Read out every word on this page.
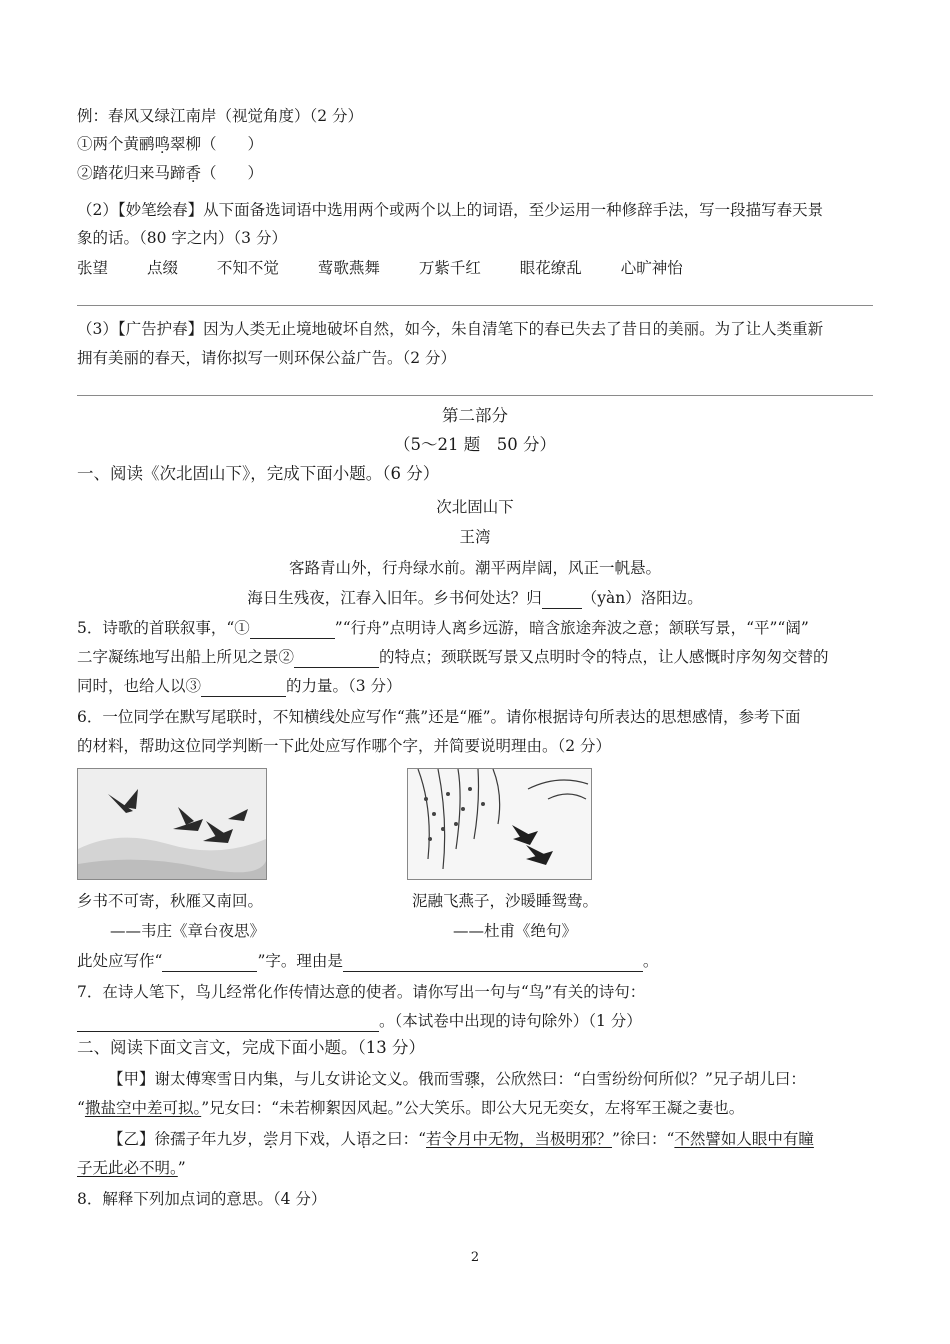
例：春风又绿江南岸（视觉角度）（2 分）
①两个黄鹂鸣翠柳（　　）
②踏花归来马蹄香（　　）
（2）【妙笔绘春】从下面备选词语中选用两个或两个以上的词语，至少运用一种修辞手法，写一段描写春天景
象的话。（80 字之内）（3 分）
张望	点缀	不知不觉	莺歌燕舞	万紫千红	眼花缭乱	心旷神怡
（3）【广告护春】因为人类无止境地破坏自然，如今，朱自清笔下的春已失去了昔日的美丽。为了让人类重新
拥有美丽的春天，请你拟写一则环保公益广告。（2 分）
第二部分
（5～21 题　50 分）
一、阅读《次北固山下》，完成下面小题。（6 分）
次北固山下
王湾
客路青山外，行舟绿水前。潮平两岸阔，风正一帆悬。
海日生残夜，江春入旧年。乡书何处达？归	（yàn）洛阳边。
5．诗歌的首联叙事，“①	”“行舟”点明诗人离乡远游，暗含旅途奔波之意；颔联写景，“平”“阔”
二字凝练地写出船上所见之景②	的特点；颈联既写景又点明时令的特点，让人感慨时序匆匆交替的
同时，也给人以③	的力量。（3 分）
6．一位同学在默写尾联时，不知横线处应写作“燕”还是“雁”。请你根据诗句所表达的思想感情，参考下面
的材料，帮助这位同学判断一下此处应写作哪个字，并简要说明理由。（2 分）
乡书不可寄，秋雁又南回。	泥融飞燕子，沙暖睡鸳鸯。
——韦庄《章台夜思》	——杜甫《绝句》
此处应写作“	”字。理由是	。
7．在诗人笔下，鸟儿经常化作传情达意的使者。请你写出一句与“鸟”有关的诗句：
。（本试卷中出现的诗句除外）（1 分）
二、阅读下面文言文，完成下面小题。（13 分）
【甲】谢太傅寒雪日内集，与儿女讲论文义。俄而雪骤，公欣然曰：“白雪纷纷何所似？”兄子胡儿曰：
“撒盐空中差可拟。”兄女曰：“未若柳絮因风起。”公大笑乐。即公大兄无奕女，左将军王凝之妻也。
【乙】徐孺子年九岁，尝月下戏，人语之曰：“若令月中无物，当极明邪？”徐曰：“不然譬如人眼中有瞳
子无此必不明。”
8．解释下列加点词的意思。（4 分）
2
